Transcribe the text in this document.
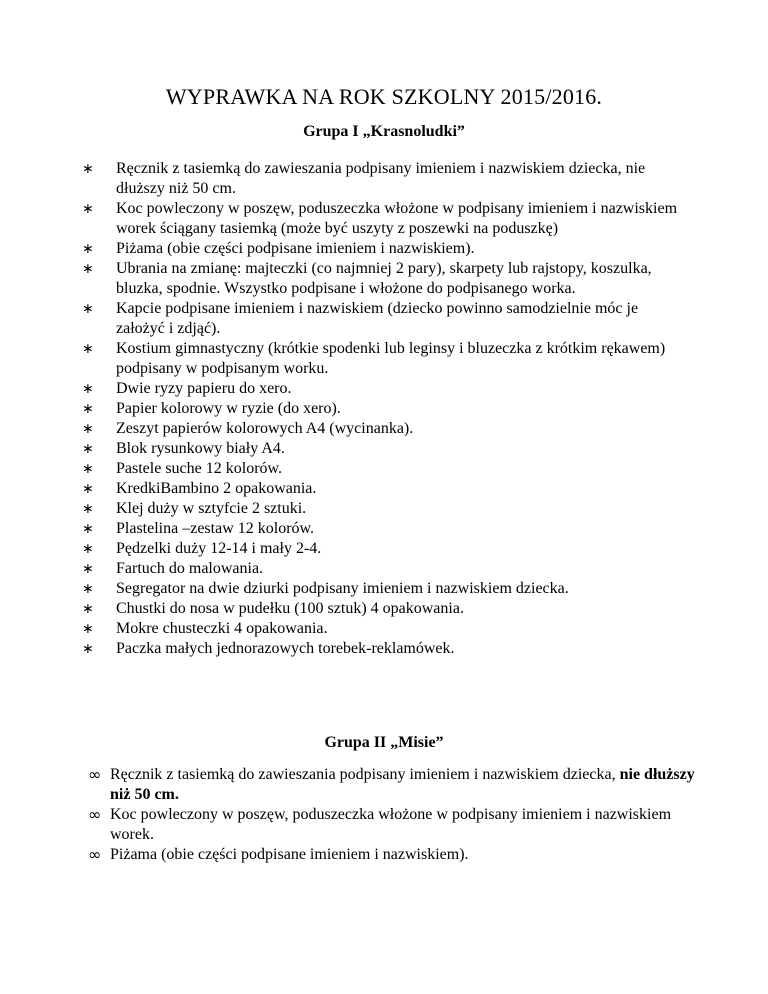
WYPRAWKA NA ROK SZKOLNY 2015/2016.
Grupa I „Krasnoludki”
∗ Ręcznik z tasiemką do zawieszania podpisany imieniem i nazwiskiem dziecka, nie dłuższy niż 50 cm.
∗ Koc powleczony w poszęw, poduszeczka włożone w podpisany imieniem i nazwiskiem worek ściągany tasiemką (może być uszyty z poszewki na poduszkę)
∗ Piżama (obie części podpisane imieniem i nazwiskiem).
∗ Ubrania na zmianę: majteczki (co najmniej 2 pary), skarpety lub rajstopy, koszulka, bluzka, spodnie. Wszystko podpisane i włożone do podpisanego worka.
∗ Kapcie podpisane imieniem i nazwiskiem (dziecko powinno samodzielnie móc je założyć i zdjąć).
∗ Kostium gimnastyczny (krótkie spodenki lub leginsy i bluzeczka z krótkim rękawem) podpisany w podpisanym worku.
∗ Dwie ryzy papieru do xero.
∗ Papier kolorowy w ryzie (do xero).
∗ Zeszyt papierów kolorowych A4 (wycinanka).
∗ Blok rysunkowy biały A4.
∗ Pastele suche 12 kolorów.
∗ KredkiBambino 2 opakowania.
∗ Klej duży w sztyfcie 2 sztuki.
∗ Plastelina –zestaw 12 kolorów.
∗ Pędzelki duży 12-14 i mały 2-4.
∗ Fartuch do malowania.
∗ Segregator na dwie dziurki podpisany imieniem i nazwiskiem dziecka.
∗ Chustki do nosa w pudełku (100 sztuk) 4 opakowania.
∗ Mokre chusteczki 4 opakowania.
∗ Paczka małych jednorazowych torebek-reklamówek.
Grupa II „Misie”
∞ Ręcznik z tasiemką do zawieszania podpisany imieniem i nazwiskiem dziecka, nie dłuższy niż 50 cm.
∞ Koc powleczony w poszęw, poduszeczka włożone w podpisany imieniem i nazwiskiem worek.
∞ Piżama (obie części podpisane imieniem i nazwiskiem).
